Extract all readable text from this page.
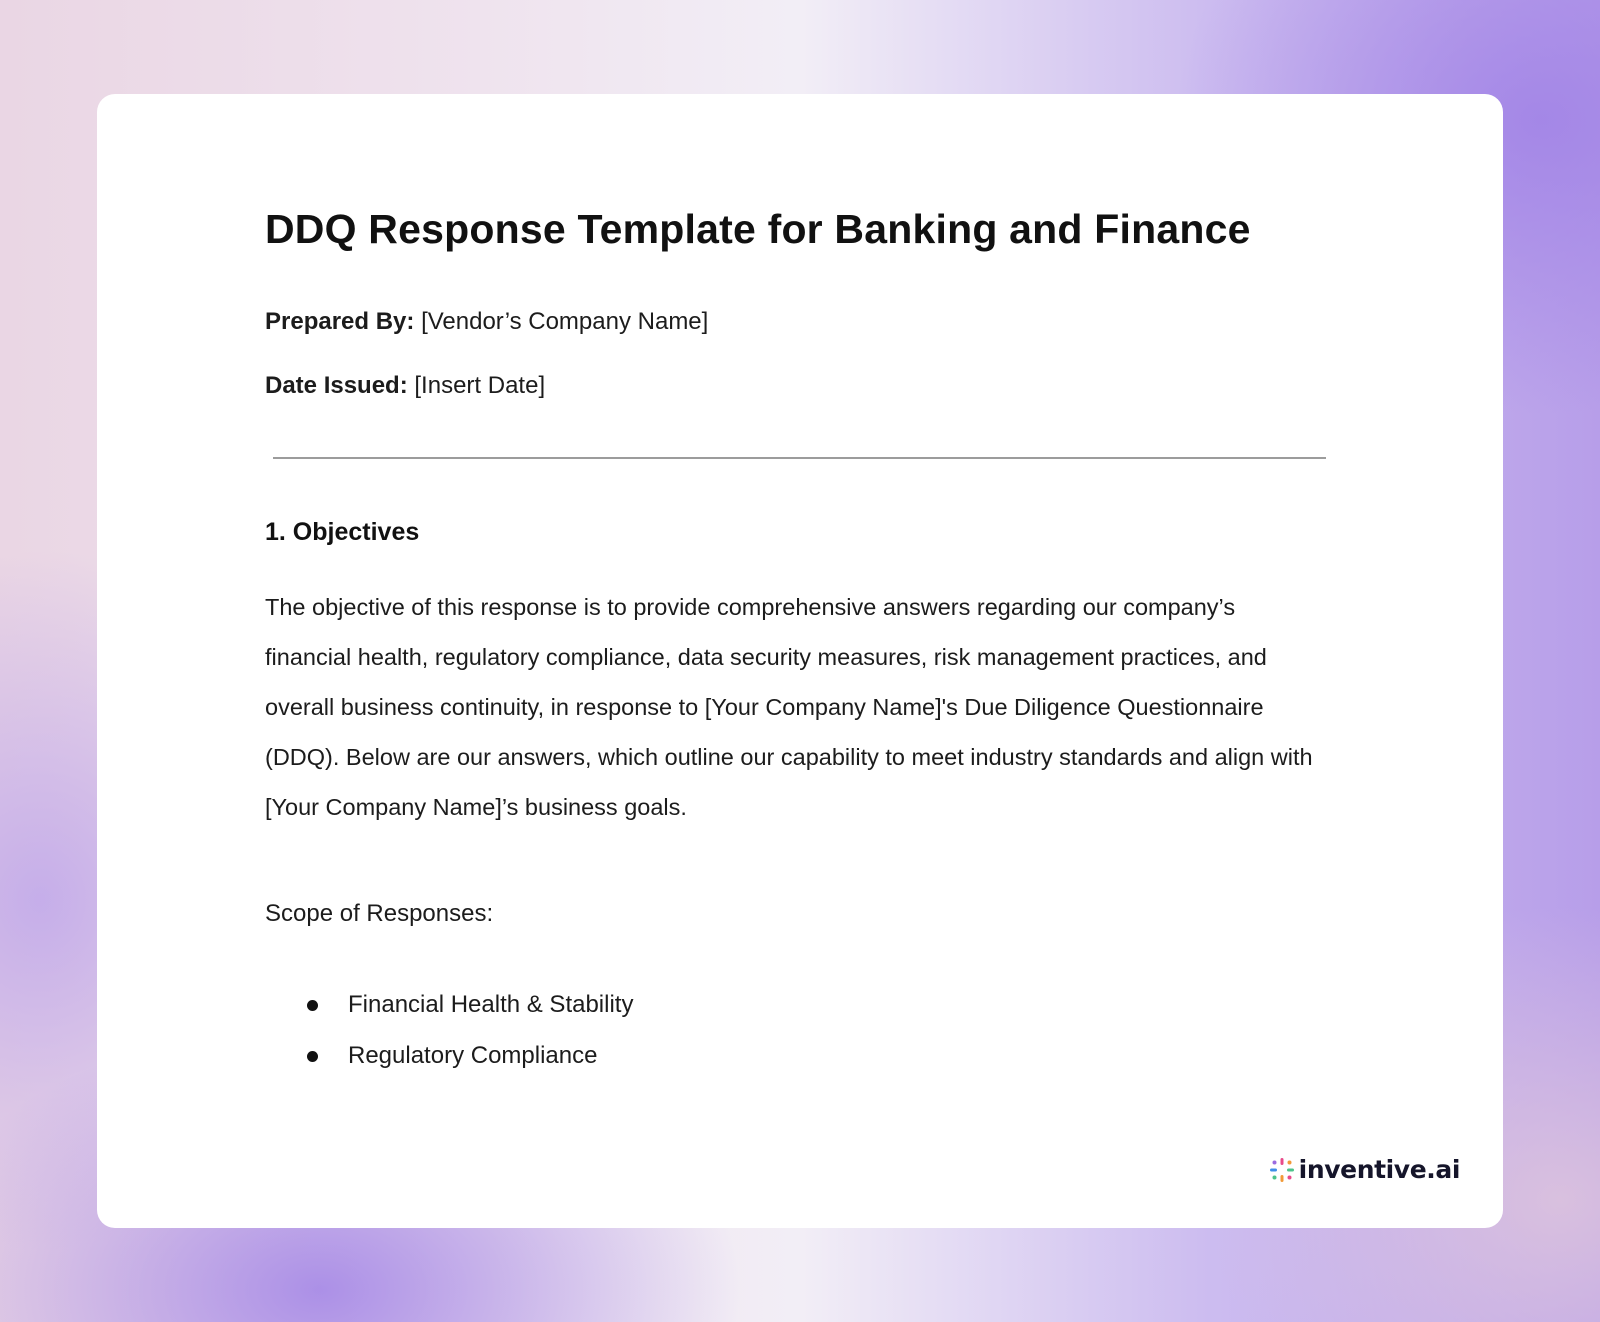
DDQ Response Template for Banking and Finance
Prepared By: [Vendor’s Company Name]
Date Issued: [Insert Date]
1. Objectives

The objective of this response is to provide comprehensive answers regarding our company’s financial health, regulatory compliance, data security measures, risk management practices, and overall business continuity, in response to [Your Company Name]'s Due Diligence Questionnaire (DDQ). Below are our answers, which outline our capability to meet industry standards and align with [Your Company Name]’s business goals.

Scope of Responses:
Financial Health & Stability
Regulatory Compliance
inventive.ai
